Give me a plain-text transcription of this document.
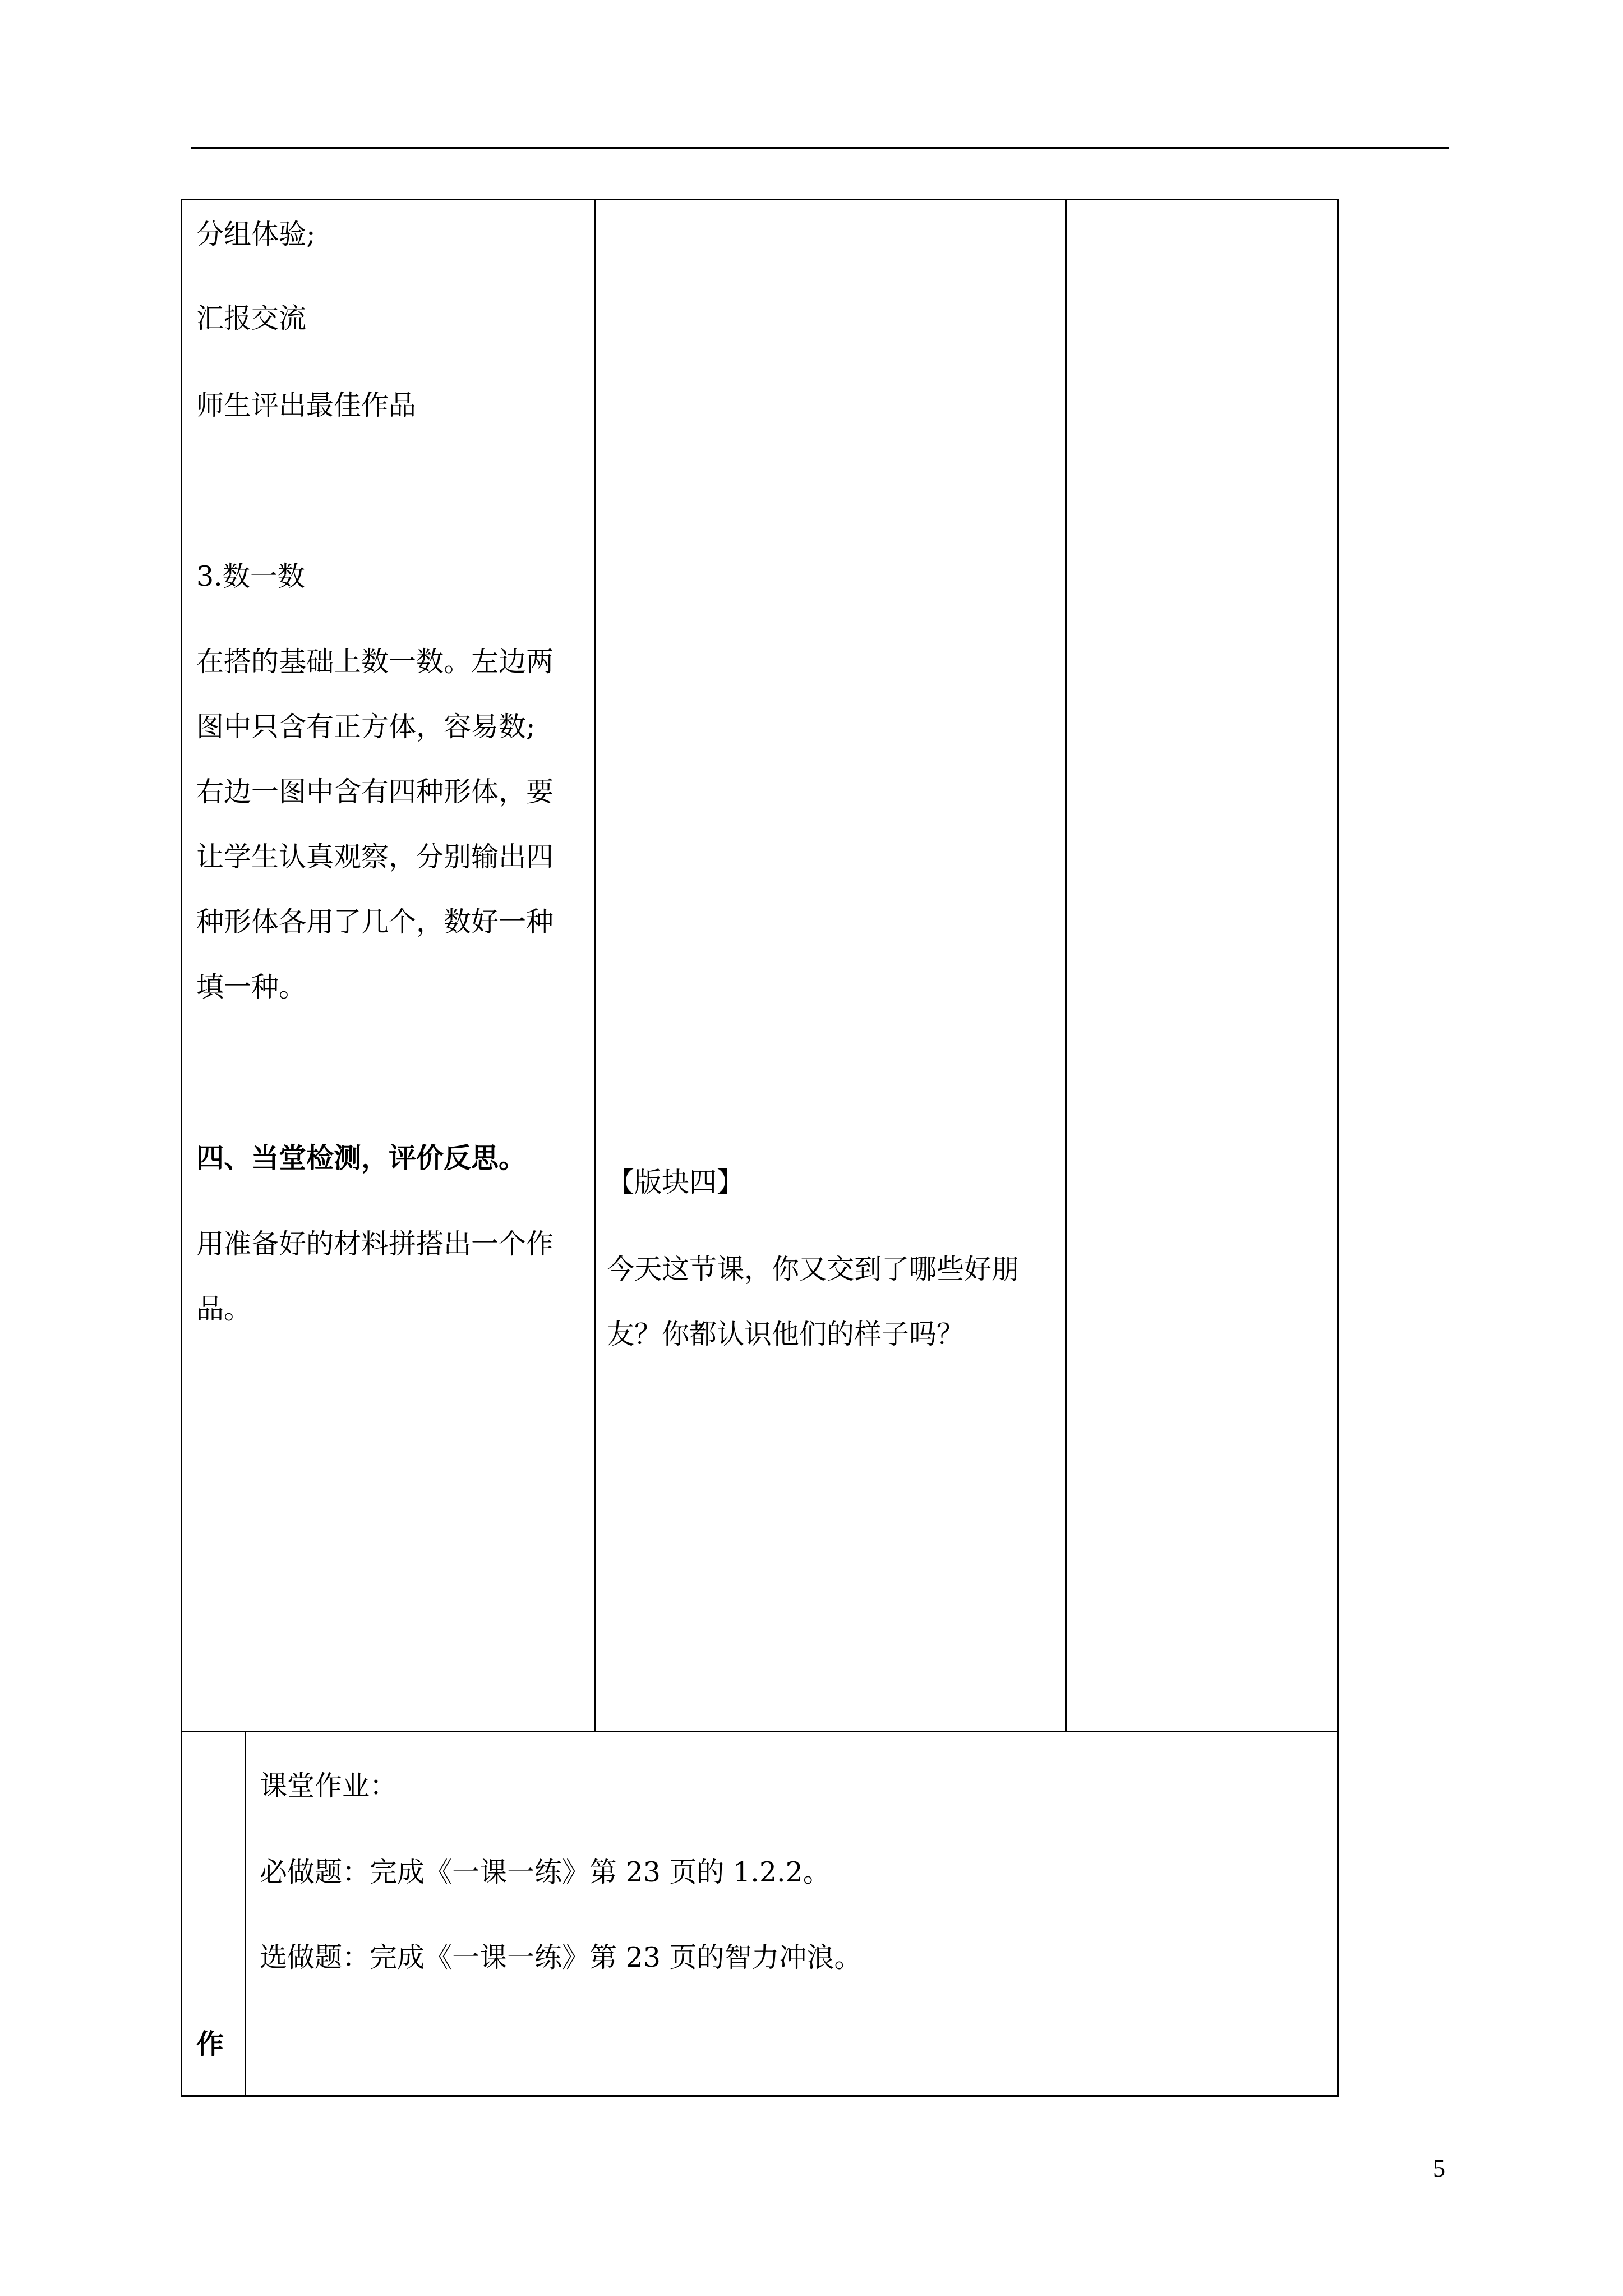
分组体验;
汇报交流
师生评出最佳作品
3.数一数
在搭的基础上数一数。左边两
图中只含有正方体，容易数;
右边一图中含有四种形体，要
让学生认真观察，分别输出四
种形体各用了几个，数好一种
填一种。
四、当堂检测，评价反思。
用准备好的材料拼搭出一个作
品。
【版块四】
今天这节课，你又交到了哪些好朋
友？你都认识他们的样子吗？
作
课堂作业：
必做题：完成《一课一练》第 23 页的 1.2.2。
选做题：完成《一课一练》第 23 页的智力冲浪。
5
